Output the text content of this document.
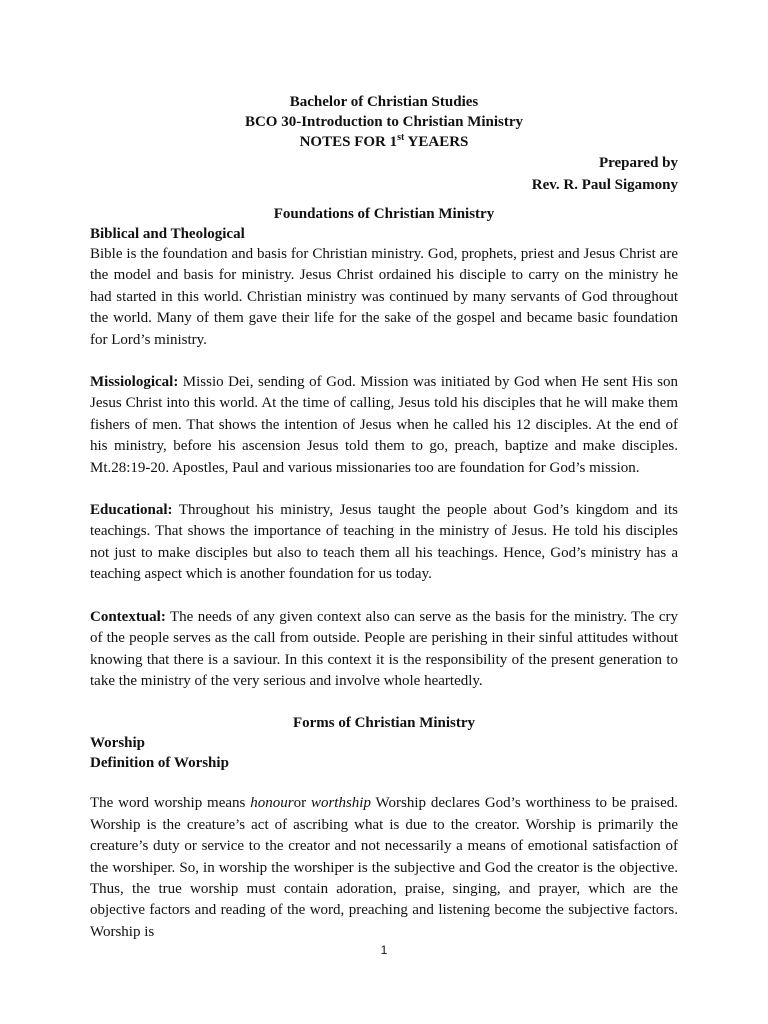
Bachelor of Christian Studies
BCO 30-Introduction to Christian Ministry
NOTES FOR 1st YEAERS
Prepared by
Rev. R. Paul Sigamony
Foundations of Christian Ministry
Biblical and Theological

Bible is the foundation and basis for Christian ministry. God, prophets, priest and Jesus Christ are the model and basis for ministry. Jesus Christ ordained his disciple to carry on the ministry he had started in this world. Christian ministry was continued by many servants of God throughout the world. Many of them gave their life for the sake of the gospel and became basic foundation for Lord’s ministry.

Missiological: Missio Dei, sending of God. Mission was initiated by God when He sent His son Jesus Christ into this world. At the time of calling, Jesus told his disciples that he will make them fishers of men. That shows the intention of Jesus when he called his 12 disciples. At the end of his ministry, before his ascension Jesus told them to go, preach, baptize and make disciples. Mt.28:19-20. Apostles, Paul and various missionaries too are foundation for God’s mission.

Educational: Throughout his ministry, Jesus taught the people about God’s kingdom and its teachings. That shows the importance of teaching in the ministry of Jesus. He told his disciples not just to make disciples but also to teach them all his teachings. Hence, God’s ministry has a teaching aspect which is another foundation for us today.

Contextual: The needs of any given context also can serve as the basis for the ministry. The cry of the people serves as the call from outside. People are perishing in their sinful attitudes without knowing that there is a saviour. In this context it is the responsibility of the present generation to take the ministry of the very serious and involve whole heartedly.

Forms of Christian Ministry
Worship
Definition of Worship

The word worship means honouror worthship Worship declares God’s worthiness to be praised. Worship is the creature’s act of ascribing what is due to the creator. Worship is primarily the creature’s duty or service to the creator and not necessarily a means of emotional satisfaction of the worshiper. So, in worship the worshiper is the subjective and God the creator is the objective. Thus, the true worship must contain adoration, praise, singing, and prayer, which are the objective factors and reading of the word, preaching and listening become the subjective factors. Worship is

1
